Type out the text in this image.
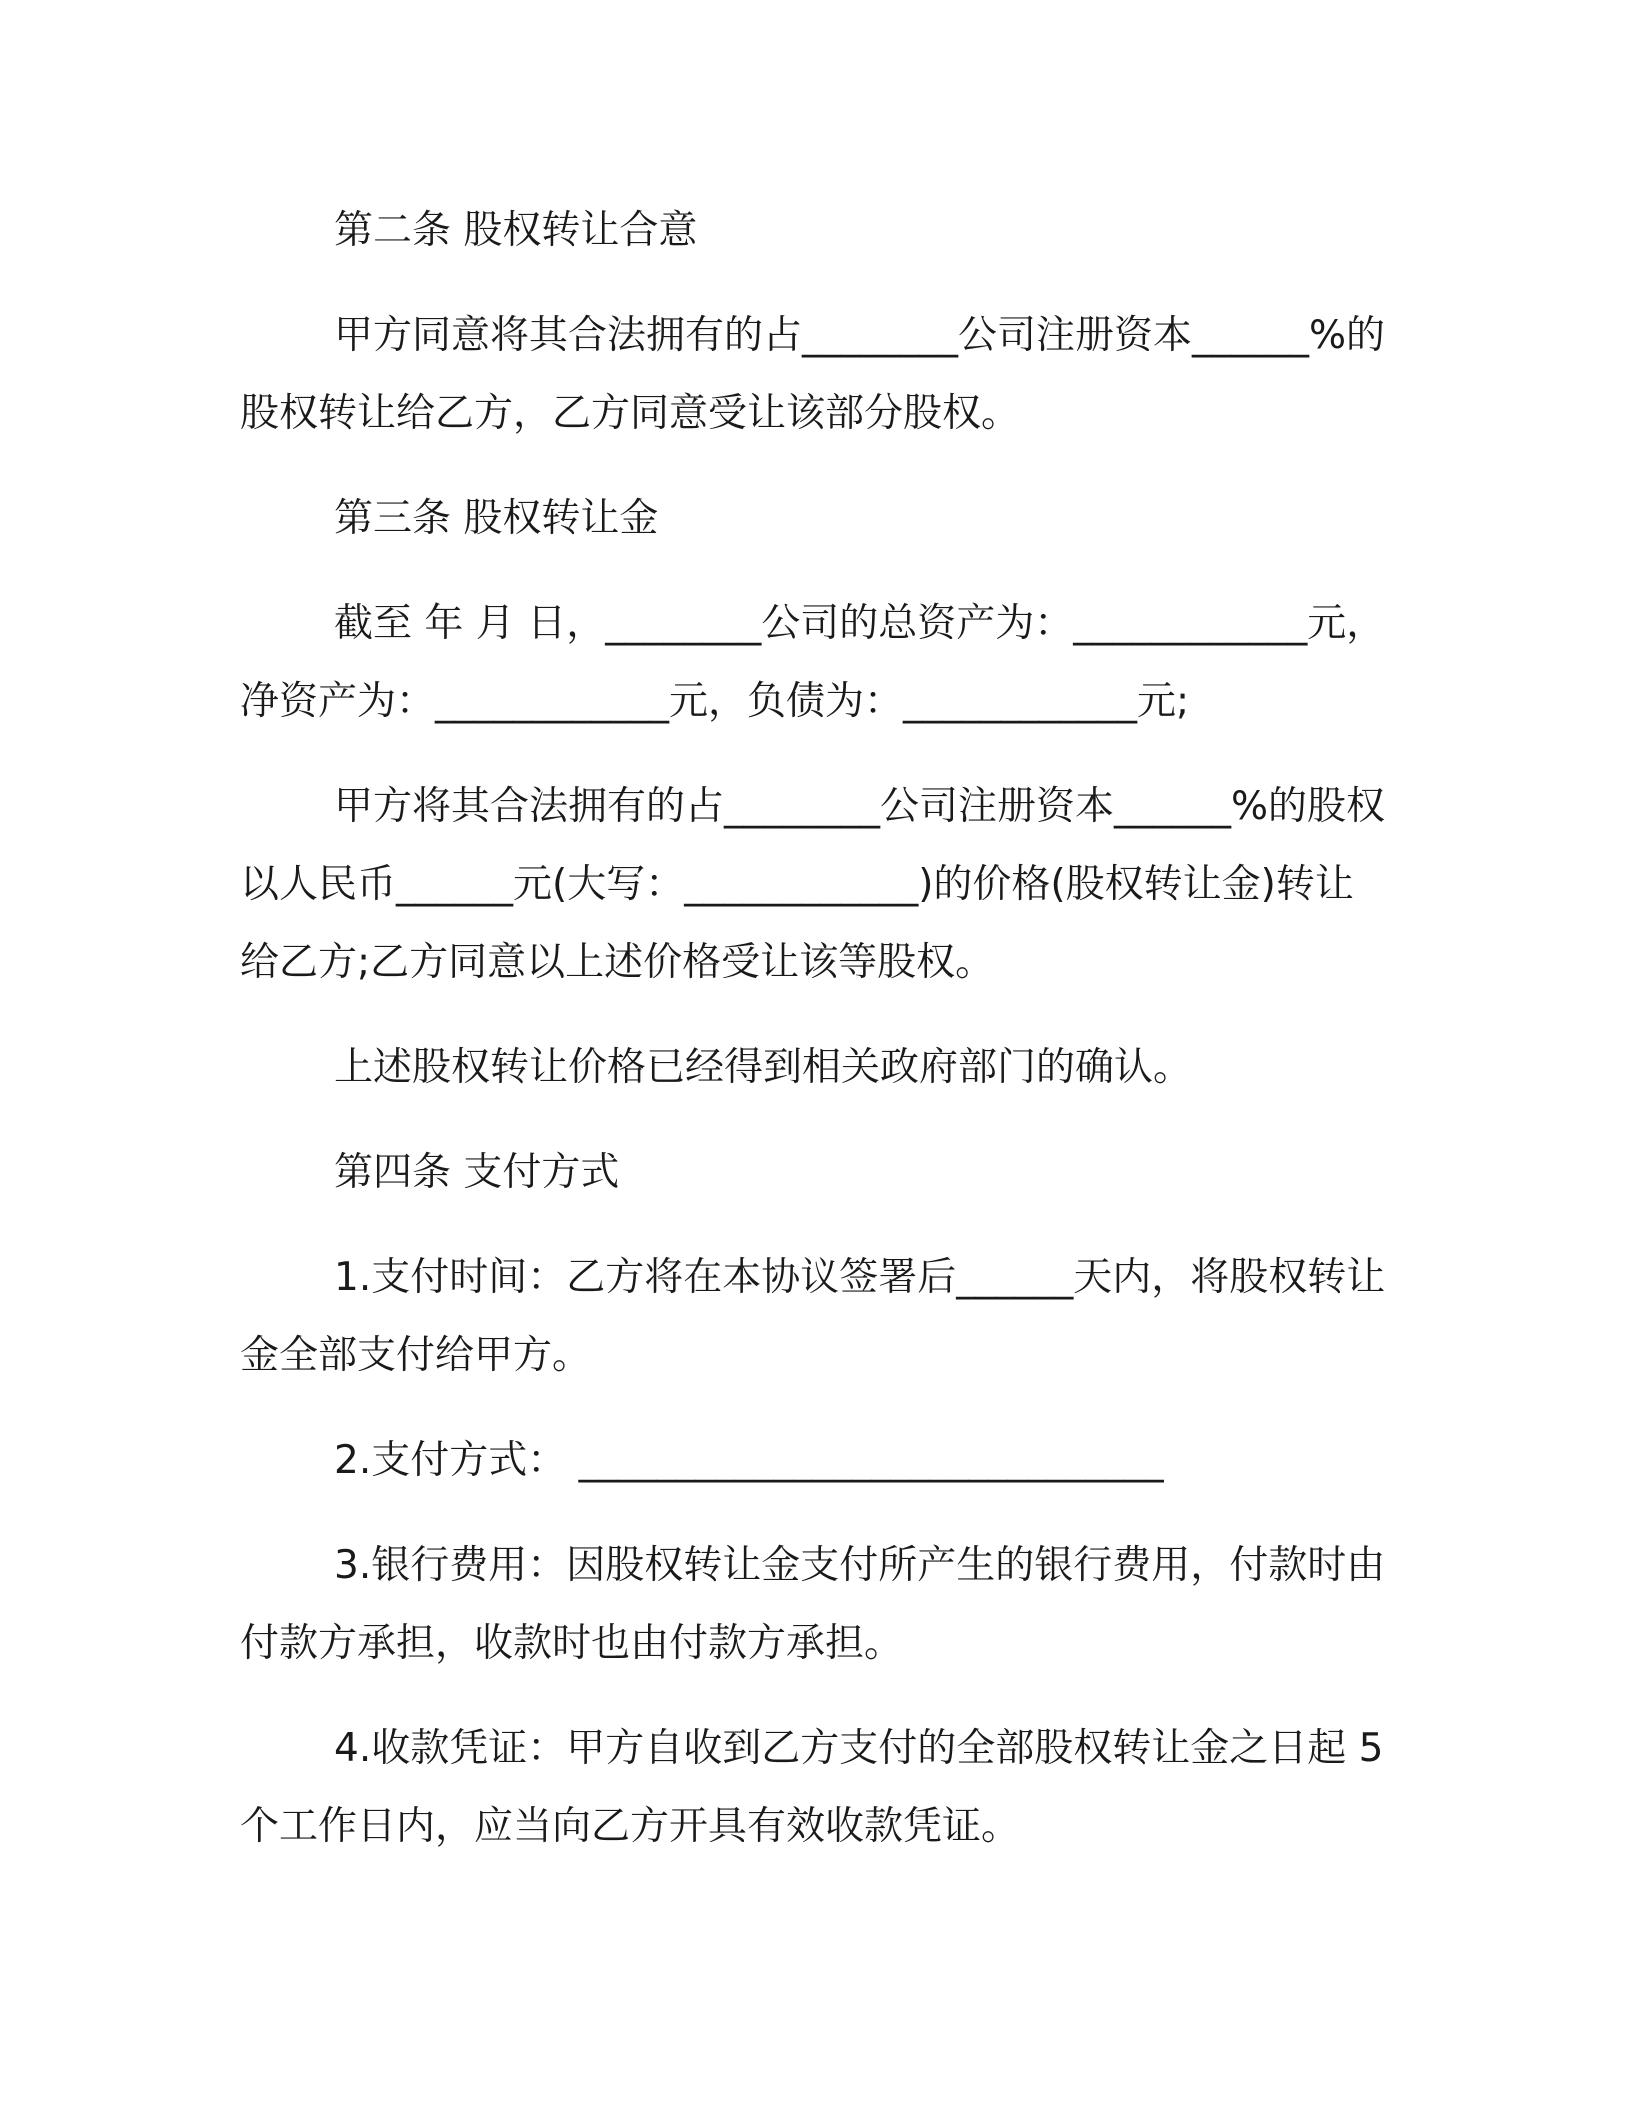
第二条 股权转让合意

甲方同意将其合法拥有的占________公司注册资本______%的股权转让给乙方，乙方同意受让该部分股权。

第三条 股权转让金

截至 年 月 日，________公司的总资产为：____________元，净资产为：____________元，负债为：____________元;

甲方将其合法拥有的占________公司注册资本______%的股权以人民币______元(大写：____________)的价格(股权转让金)转让给乙方;乙方同意以上述价格受让该等股权。

上述股权转让价格已经得到相关政府部门的确认。

第四条 支付方式

1.支付时间：乙方将在本协议签署后______天内，将股权转让金全部支付给甲方。

2.支付方式： ______________________________

3.银行费用：因股权转让金支付所产生的银行费用，付款时由付款方承担，收款时也由付款方承担。

4.收款凭证：甲方自收到乙方支付的全部股权转让金之日起 5 个工作日内，应当向乙方开具有效收款凭证。
